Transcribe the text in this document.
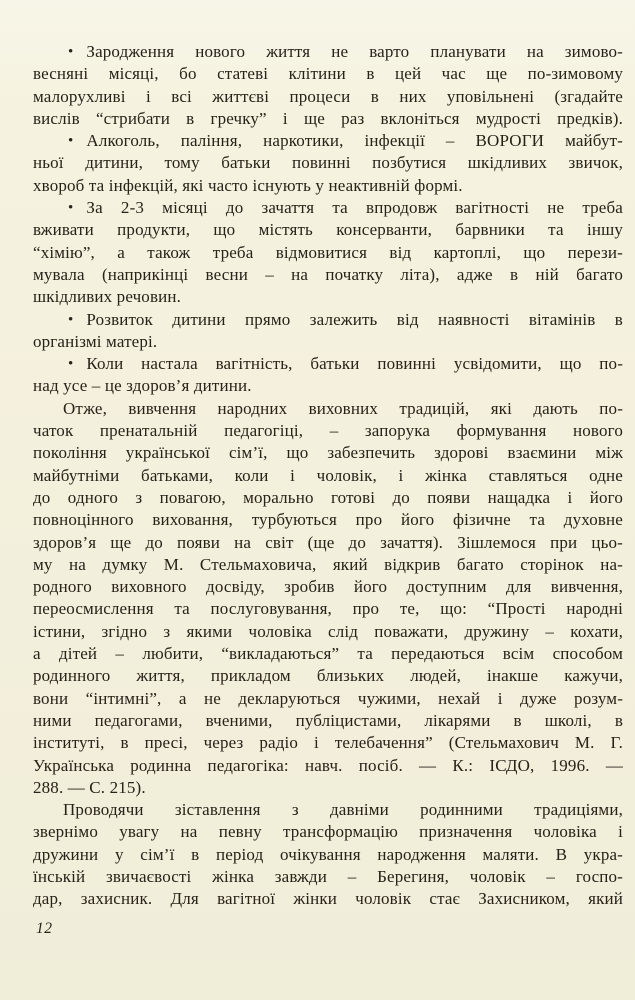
• Зародження нового життя не варто планувати на зимово-
весняні місяці, бо статеві клітини в цей час ще по-зимовому
малорухливі і всі життєві процеси в них уповільнені (згадайте
вислів “стрибати в гречку” і ще раз вклоніться мудрості предків).
• Алкоголь, паління, наркотики, інфекції – ВОРОГИ майбут-
ньої дитини, тому батьки повинні позбутися шкідливих звичок,
хвороб та інфекцій, які часто існують у неактивній формі.
• За 2-3 місяці до зачаття та впродовж вагітності не треба
вживати продукти, що містять консерванти, барвники та іншу
“хімію”, а також треба відмовитися від картоплі, що перези-
мувала (наприкінці весни – на початку літа), адже в ній багато
шкідливих речовин.
• Розвиток дитини прямо залежить від наявності вітамінів в
організмі матері.
• Коли настала вагітність, батьки повинні усвідомити, що по-
над усе – це здоров’я дитини.
Отже, вивчення народних виховних традицій, які дають по-
чаток пренатальній педагогіці, – запорука формування нового
покоління української сім’ї, що забезпечить здорові взаємини між
майбутніми батьками, коли і чоловік, і жінка ставляться одне
до одного з повагою, морально готові до появи нащадка і його
повноцінного виховання, турбуються про його фізичне та духовне
здоров’я ще до появи на світ (ще до зачаття). Зішлемося при цьо-
му на думку М. Стельмаховича, який відкрив багато сторінок на-
родного виховного досвіду, зробив його доступним для вивчення,
переосмислення та послуговування, про те, що: “Прості народні
істини, згідно з якими чоловіка слід поважати, дружину – кохати,
а дітей – любити, “викладаються” та передаються всім способом
родинного життя, прикладом близьких людей, інакше кажучи,
вони “інтимні”, а не декларуються чужими, нехай і дуже розум-
ними педагогами, вченими, публіцистами, лікарями в школі, в
інституті, в пресі, через радіо і телебачення” (Стельмахович М. Г.
Українська родинна педагогіка: навч. посіб. — К.: ІСДО, 1996. —
288. — С. 215).
Проводячи зіставлення з давніми родинними традиціями,
звернімо увагу на певну трансформацію призначення чоловіка і
дружини у сім’ї в період очікування народження маляти. В укра-
їнській звичаєвості жінка завжди – Берегиня, чоловік – госпо-
дар, захисник. Для вагітної жінки чоловік стає Захисником, який
12
